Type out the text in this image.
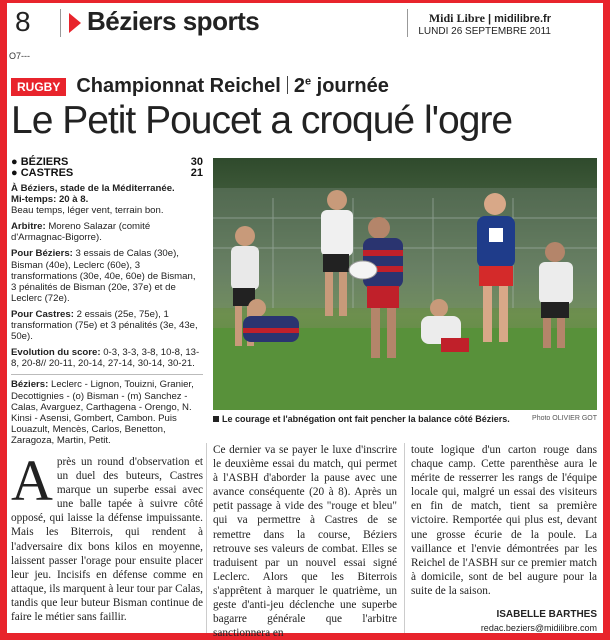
8 Béziers sports	Midi Libre | midilibre.fr
LUNDI 26 SEPTEMBRE 2011
O7---
RUGBY Championnat Reichel 2e journée
Le Petit Poucet a croqué l'ogre
● BÉZIERS	30
● CASTRES	21

À Béziers, stade de la Méditerranée.
Mi-temps: 20 à 8.
Beau temps, léger vent, terrain bon.

Arbitre: Moreno Salazar (comité d'Armagnac-Bigorre).

Pour Béziers: 3 essais de Calas (30e), Bisman (40e), Leclerc (60e), 3 transformations (30e, 40e, 60e) de Bisman, 3 pénalités de Bisman (20e, 37e) et de Leclerc (72e).

Pour Castres: 2 essais (25e, 75e), 1 transformation (75e) et 3 pénalités (3e, 43e, 50e).

Evolution du score: 0-3, 3-3, 3-8, 10-8, 13-8, 20-8// 20-11, 20-14, 27-14, 30-14, 30-21.

Béziers: Leclerc - Lignon, Touizni, Granier, Decottignies - (o) Bisman - (m) Sanchez - Calas, Avarguez, Carthagena - Orengo, N. Kinsi - Asensi, Gombert, Cambon. Puis Louazult, Mencès, Carlos, Benetton, Zaragoza, Martin, Petit.

Le courage et l'abnégation ont fait pencher la balance côté Béziers.	Photo OLIVIER GOT
Après un round d'observation et un duel des buteurs, Castres marque un superbe essai avec une balle tapée à suivre côté opposé, qui laisse la défense impuissante. Mais les Biterrois, qui rendent à l'adversaire dix bons kilos en moyenne, laissent passer l'orage pour ensuite placer leur jeu. Incisifs en défense comme en attaque, ils marquent à leur tour par Calas, tandis que leur buteur Bisman continue de faire le métier sans faillir.
Ce dernier va se payer le luxe d'inscrire le deuxième essai du match, qui permet à l'ASBH d'aborder la pause avec une avance conséquente (20 à 8). Après un petit passage à vide des "rouge et bleu" qui va permettre à Castres de se remettre dans la course, Béziers retrouve ses valeurs de combat. Elles se traduisent par un nouvel essai signé Leclerc. Alors que les Biterrois s'apprêtent à marquer le quatrième, un geste d'anti-jeu déclenche une superbe bagarre générale que l'arbitre sanctionnera en
toute logique d'un carton rouge dans chaque camp. Cette parenthèse aura le mérite de resserrer les rangs de l'équipe locale qui, malgré un essai des visiteurs en fin de match, tient sa première victoire. Remportée qui plus est, devant une grosse écurie de la poule. La vaillance et l'envie démontrées par les Reichel de l'ASBH sur ce premier match à domicile, sont de bel augure pour la suite de la saison.
ISABELLE BARTHES
redac.beziers@midilibre.com
